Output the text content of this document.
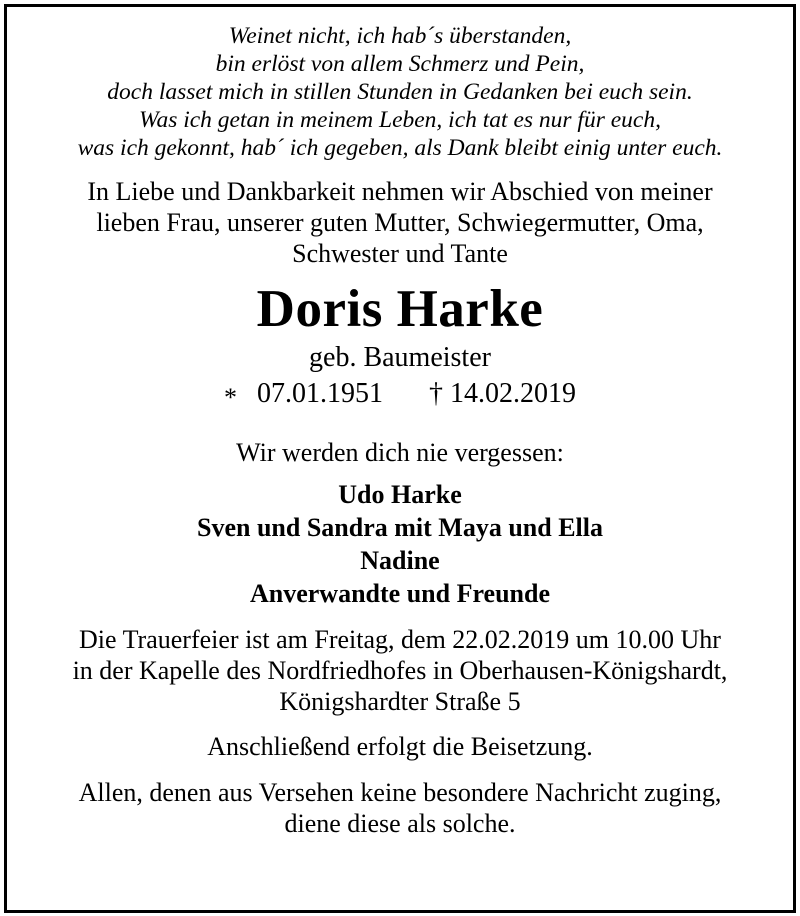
Weinet nicht, ich hab´s überstanden,
bin erlöst von allem Schmerz und Pein,
doch lasset mich in stillen Stunden in Gedanken bei euch sein.
Was ich getan in meinem Leben, ich tat es nur für euch,
was ich gekonnt, hab´ ich gegeben, als Dank bleibt einig unter euch.
In Liebe und Dankbarkeit nehmen wir Abschied von meiner
lieben Frau, unserer guten Mutter, Schwiegermutter, Oma,
Schwester und Tante
Doris Harke
geb. Baumeister
* 07.01.1951 † 14.02.2019
Wir werden dich nie vergessen:
Udo Harke
Sven und Sandra mit Maya und Ella
Nadine
Anverwandte und Freunde
Die Trauerfeier ist am Freitag, dem 22.02.2019 um 10.00 Uhr
in der Kapelle des Nordfriedhofes in Oberhausen-Königshardt,
Königshardter Straße 5
Anschließend erfolgt die Beisetzung.
Allen, denen aus Versehen keine besondere Nachricht zuging,
diene diese als solche.
